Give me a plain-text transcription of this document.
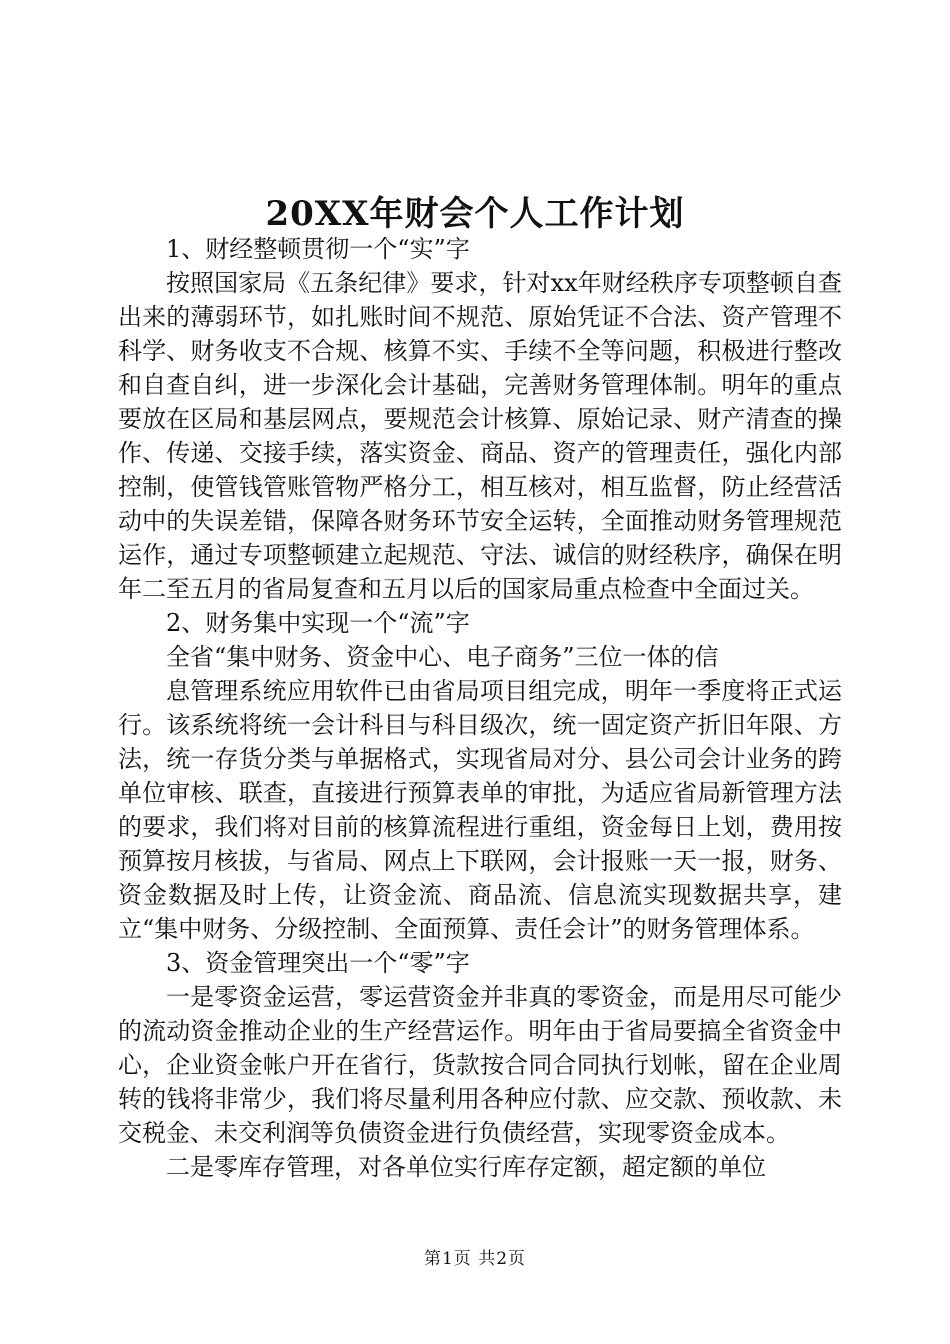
20XX年财会个人工作计划

1、财经整顿贯彻一个“实”字

按照国家局《五条纪律》要求，针对xx年财经秩序专项整顿自查出来的薄弱环节，如扎账时间不规范、原始凭证不合法、资产管理不科学、财务收支不合规、核算不实、手续不全等问题，积极进行整改和自查自纠，进一步深化会计基础，完善财务管理体制。明年的重点要放在区局和基层网点，要规范会计核算、原始记录、财产清查的操作、传递、交接手续，落实资金、商品、资产的管理责任，强化内部控制，使管钱管账管物严格分工，相互核对，相互监督，防止经营活动中的失误差错，保障各财务环节安全运转，全面推动财务管理规范运作，通过专项整顿建立起规范、守法、诚信的财经秩序，确保在明年二至五月的省局复查和五月以后的国家局重点检查中全面过关。

2、财务集中实现一个“流”字

全省“集中财务、资金中心、电子商务”三位一体的信

息管理系统应用软件已由省局项目组完成，明年一季度将正式运行。该系统将统一会计科目与科目级次，统一固定资产折旧年限、方法，统一存货分类与单据格式，实现省局对分、县公司会计业务的跨单位审核、联查，直接进行预算表单的审批，为适应省局新管理方法的要求，我们将对目前的核算流程进行重组，资金每日上划，费用按预算按月核拔，与省局、网点上下联网，会计报账一天一报，财务、资金数据及时上传，让资金流、商品流、信息流实现数据共享，建立“集中财务、分级控制、全面预算、责任会计”的财务管理体系。

3、资金管理突出一个“零”字

一是零资金运营，零运营资金并非真的零资金，而是用尽可能少的流动资金推动企业的生产经营运作。明年由于省局要搞全省资金中心，企业资金帐户开在省行，货款按合同合同执行划帐，留在企业周转的钱将非常少，我们将尽量利用各种应付款、应交款、预收款、未交税金、未交利润等负债资金进行负债经营，实现零资金成本。

二是零库存管理，对各单位实行库存定额，超定额的单位

第1页 共2页
